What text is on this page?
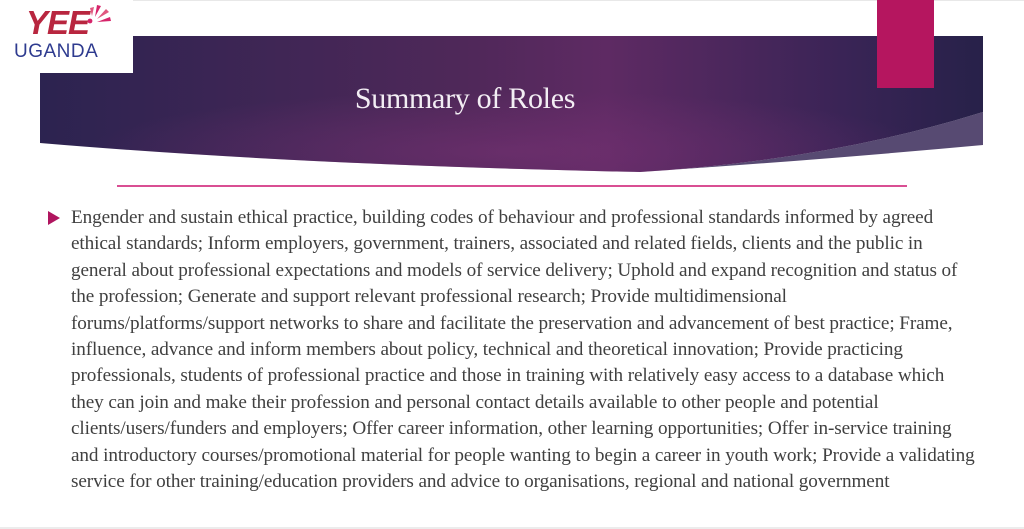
YEE
UGANDA
Summary of Roles
Engender and sustain ethical practice, building codes of behaviour and professional standards informed by agreed ethical standards; Inform employers, government, trainers, associated and related fields, clients and the public in general about professional expectations and models of service delivery; Uphold and expand recognition and status of the profession; Generate and support relevant professional research; Provide multidimensional forums/platforms/support networks to share and facilitate the preservation and advancement of best practice; Frame, influence, advance and inform members about policy, technical and theoretical innovation; Provide practicing professionals, students of professional practice and those in training with relatively easy access to a database which they can join and make their profession and personal contact details available to other people and potential clients/users/funders and employers; Offer career information, other learning opportunities; Offer in-service training and introductory courses/promotional material for people wanting to begin a career in youth work; Provide a validating service for other training/education providers and advice to organisations, regional and national government
